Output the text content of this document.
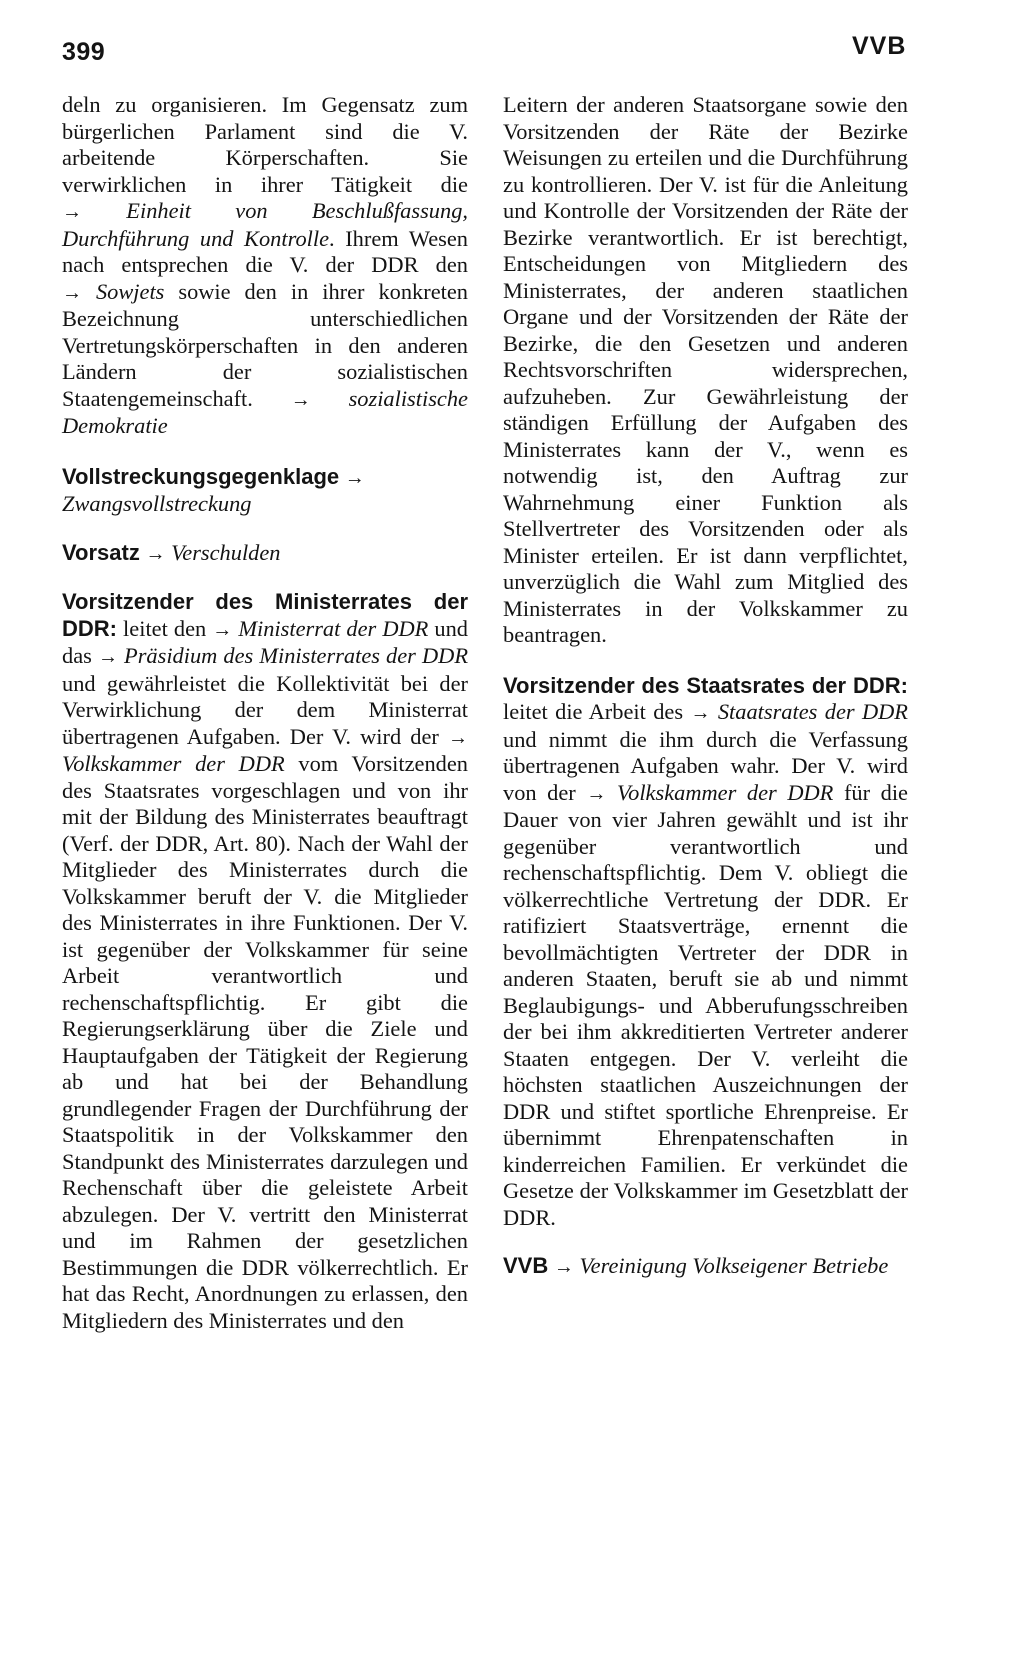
399	VVB

deln zu organisieren. Im Gegensatz zum bürgerlichen Parlament sind die V. arbeitende Körperschaften. Sie verwirklichen in ihrer Tätigkeit die → Einheit von Beschlußfassung, Durchführung und Kontrolle. Ihrem Wesen nach entsprechen die V. der DDR den → Sowjets sowie den in ihrer konkreten Bezeichnung unterschiedlichen Vertretungskörperschaften in den anderen Ländern der sozialistischen Staatengemeinschaft. → sozialistische Demokratie

Vollstreckungsgegenklage →
Zwangsvollstreckung

Vorsatz → Verschulden

Vorsitzender des Ministerrates der DDR: leitet den → Ministerrat der DDR und das → Präsidium des Ministerrates der DDR und gewährleistet die Kollektivität bei der Verwirklichung der dem Ministerrat übertragenen Aufgaben. Der V. wird der → Volkskammer der DDR vom Vorsitzenden des Staatsrates vorgeschlagen und von ihr mit der Bildung des Ministerrates beauftragt (Verf. der DDR, Art. 80). Nach der Wahl der Mitglieder des Ministerrates durch die Volkskammer beruft der V. die Mitglieder des Ministerrates in ihre Funktionen. Der V. ist gegenüber der Volkskammer für seine Arbeit verantwortlich und rechenschaftspflichtig. Er gibt die Regierungserklärung über die Ziele und Hauptaufgaben der Tätigkeit der Regierung ab und hat bei der Behandlung grundlegender Fragen der Durchführung der Staatspolitik in der Volkskammer den Standpunkt des Ministerrates darzulegen und Rechenschaft über die geleistete Arbeit abzulegen. Der V. vertritt den Ministerrat und im Rahmen der gesetzlichen Bestimmungen die DDR völkerrechtlich. Er hat das Recht, Anordnungen zu erlassen, den Mitgliedern des Ministerrates und den

Leitern der anderen Staatsorgane sowie den Vorsitzenden der Räte der Bezirke Weisungen zu erteilen und die Durchführung zu kontrollieren. Der V. ist für die Anleitung und Kontrolle der Vorsitzenden der Räte der Bezirke verantwortlich. Er ist berechtigt, Entscheidungen von Mitgliedern des Ministerrates, der anderen staatlichen Organe und der Vorsitzenden der Räte der Bezirke, die den Gesetzen und anderen Rechtsvorschriften widersprechen, aufzuheben. Zur Gewährleistung der ständigen Erfüllung der Aufgaben des Ministerrates kann der V., wenn es notwendig ist, den Auftrag zur Wahrnehmung einer Funktion als Stellvertreter des Vorsitzenden oder als Minister erteilen. Er ist dann verpflichtet, unverzüglich die Wahl zum Mitglied des Ministerrates in der Volkskammer zu beantragen.

Vorsitzender des Staatsrates der DDR: leitet die Arbeit des → Staatsrates der DDR und nimmt die ihm durch die Verfassung übertragenen Aufgaben wahr. Der V. wird von der → Volkskammer der DDR für die Dauer von vier Jahren gewählt und ist ihr gegenüber verantwortlich und rechenschaftspflichtig. Dem V. obliegt die völkerrechtliche Vertretung der DDR. Er ratifiziert Staatsverträge, ernennt die bevollmächtigten Vertreter der DDR in anderen Staaten, beruft sie ab und nimmt Beglaubigungs- und Abberufungsschreiben der bei ihm akkreditierten Vertreter anderer Staaten entgegen. Der V. verleiht die höchsten staatlichen Auszeichnungen der DDR und stiftet sportliche Ehrenpreise. Er übernimmt Ehrenpatenschaften in kinderreichen Familien. Er verkündet die Gesetze der Volkskammer im Gesetzblatt der DDR.

VVB → Vereinigung Volkseigener Betriebe
